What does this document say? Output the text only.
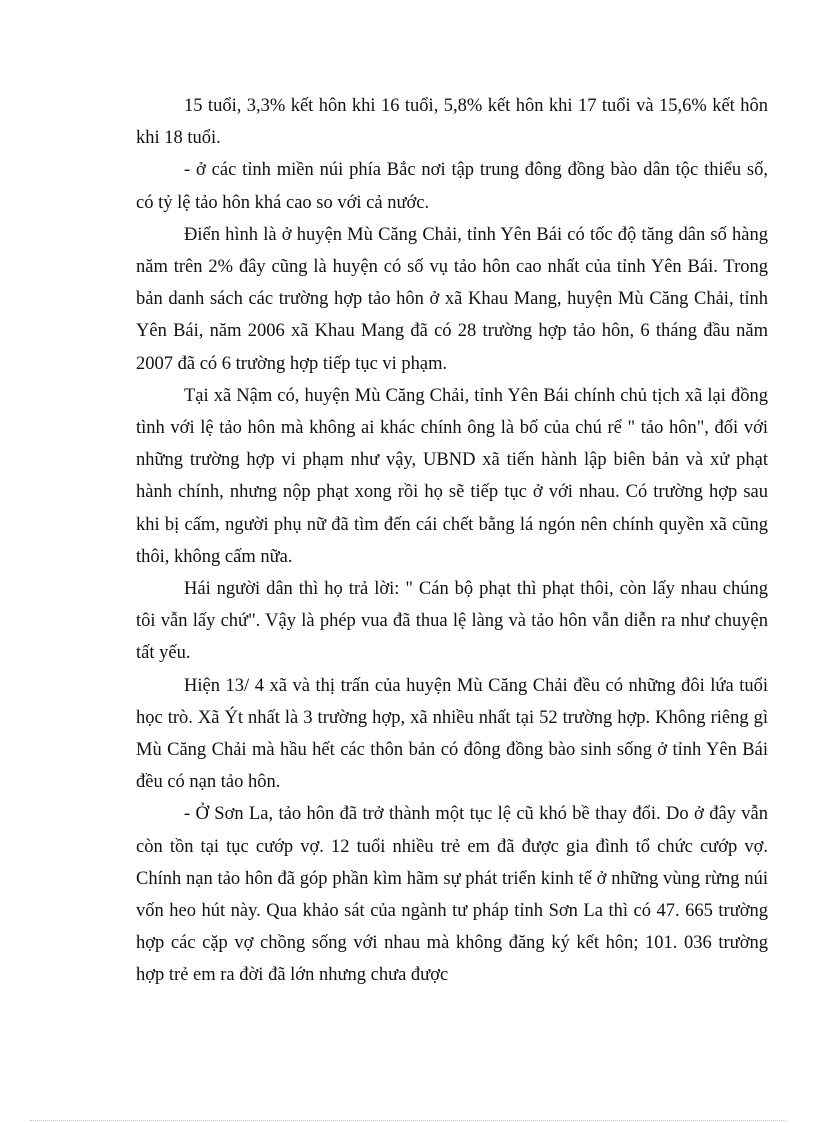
15 tuổi, 3,3% kết hôn khi 16 tuổi, 5,8% kết hôn khi 17 tuổi và 15,6% kết hôn khi 18 tuổi.

- ở các tỉnh miền núi phía Bắc nơi tập trung đông đồng bào dân tộc thiểu số, có tỷ lệ tảo hôn khá cao so với cả nước.

Điển hình là ở huyện Mù Căng Chải, tỉnh Yên Bái có tốc độ tăng dân số hàng năm trên 2% đây cũng là huyện có số vụ tảo hôn cao nhất của tỉnh Yên Bái. Trong bản danh sách các trường hợp tảo hôn ở xã Khau Mang, huyện Mù Căng Chải, tỉnh Yên Bái, năm 2006 xã Khau Mang đã có 28 trường hợp tảo hôn, 6 tháng đầu năm 2007 đã có 6 trường hợp tiếp tục vi phạm.

Tại xã Nậm có, huyện Mù Căng Chải, tỉnh Yên Bái chính chủ tịch xã lại đồng tình với lệ tảo hôn mà không ai khác chính ông là bố của chú rể " tảo hôn", đối với những trường hợp vi phạm như vậy, UBND xã tiến hành lập biên bản và xử phạt hành chính, nhưng nộp phạt xong rồi họ sẽ tiếp tục ở với nhau. Có trường hợp sau khi bị cấm, người phụ nữ đã tìm đến cái chết bằng lá ngón nên chính quyền xã cũng thôi, không cấm nữa.

Hái người dân thì họ trả lời: " Cán bộ phạt thì phạt thôi, còn lấy nhau chúng tôi vẫn lấy chứ". Vậy là phép vua đã thua lệ làng và tảo hôn vẫn diễn ra như chuyện tất yếu.

Hiện 13/ 4 xã và thị trấn của huyện Mù Căng Chải đều có những đôi lứa tuổi học trò. Xã Ýt nhất là 3 trường hợp, xã nhiều nhất tại 52 trường hợp. Không riêng gì Mù Căng Chải mà hầu hết các thôn bản có đông đồng bào sinh sống ở tỉnh Yên Bái đều có nạn tảo hôn.

- Ở Sơn La, tảo hôn đã trở thành một tục lệ cũ khó bề thay đổi. Do ở đây vẫn còn tồn tại tục cướp vợ. 12 tuổi nhiều trẻ em đã được gia đình tổ chức cướp vợ. Chính nạn tảo hôn đã góp phần kìm hãm sự phát triển kinh tế ở những vùng rừng núi vốn heo hút này. Qua khảo sát của ngành tư pháp tỉnh Sơn La thì có 47. 665 trường hợp các cặp vợ chồng sống với nhau mà không đăng ký kết hôn; 101. 036 trường hợp trẻ em ra đời đã lớn nhưng chưa được
